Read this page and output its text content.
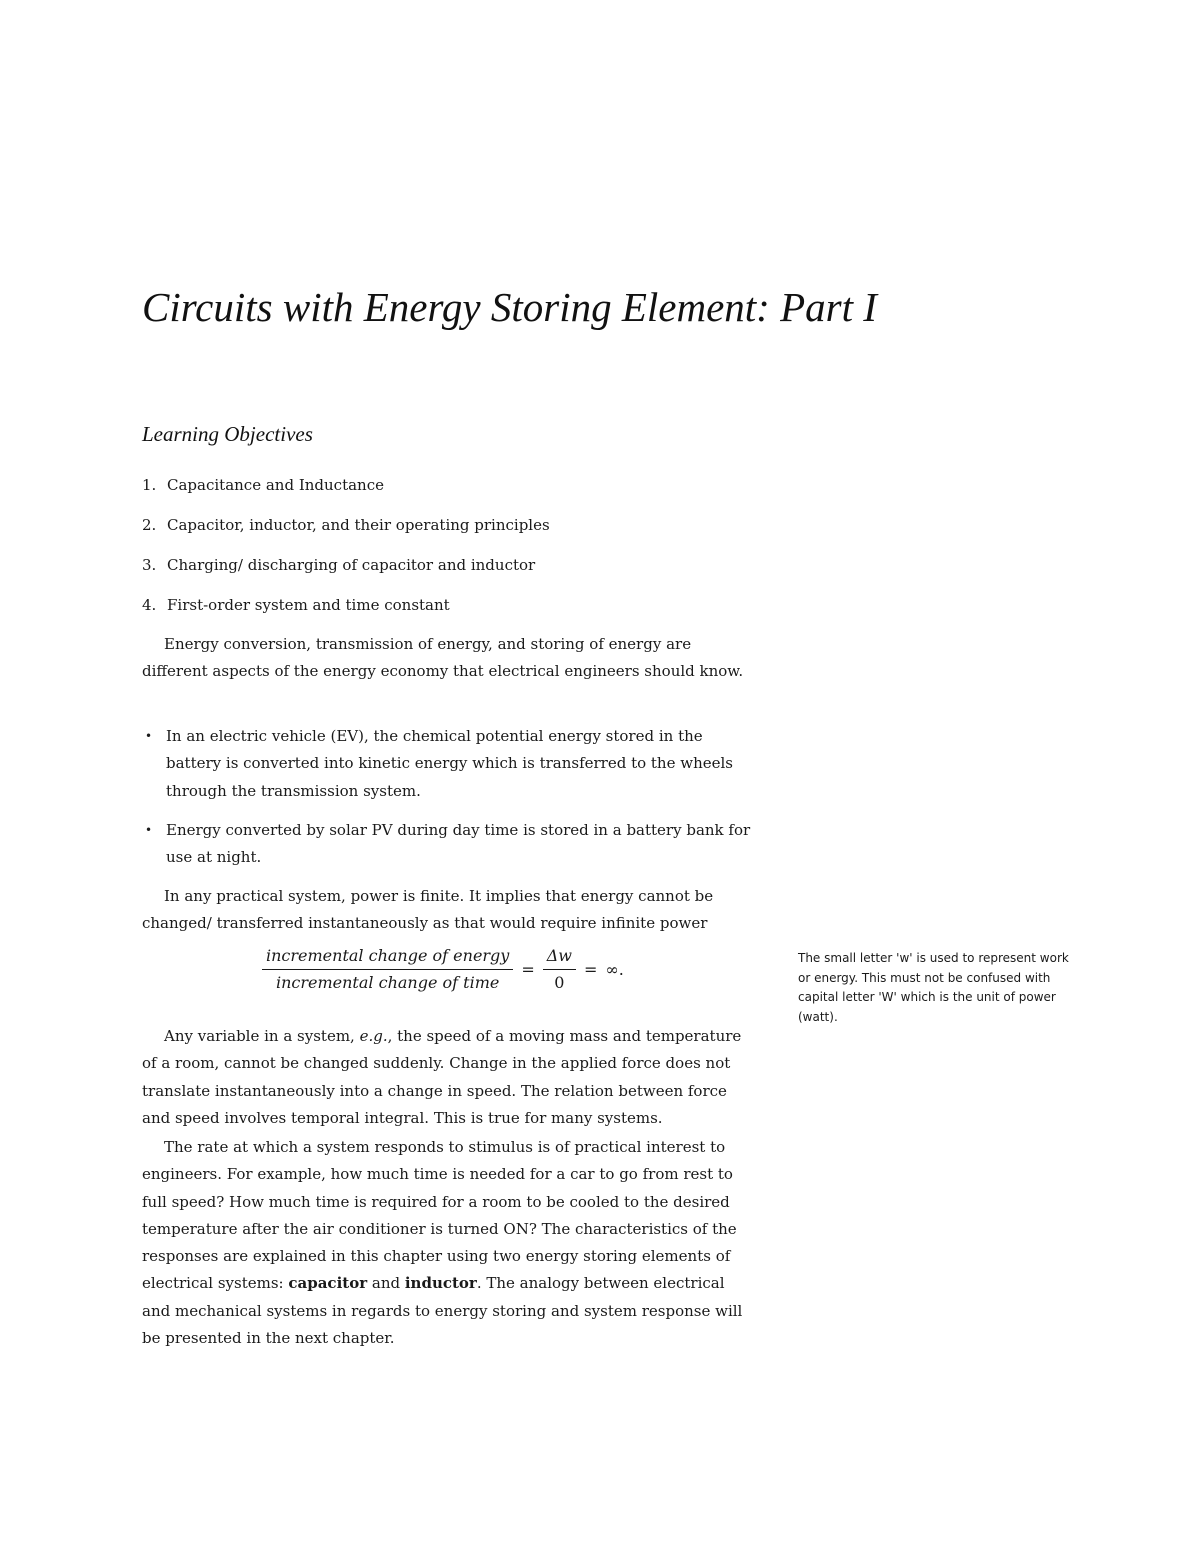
Circuits with Energy Storing Element: Part I
Learning Objectives
1. Capacitance and Inductance
2. Capacitor, inductor, and their operating principles
3. Charging/ discharging of capacitor and inductor
4. First-order system and time constant

Energy conversion, transmission of energy, and storing of energy are different aspects of the energy economy that electrical engineers should know.

• In an electric vehicle (EV), the chemical potential energy stored in the battery is converted into kinetic energy which is transferred to the wheels through the transmission system.
• Energy converted by solar PV during day time is stored in a battery bank for use at night.

In any practical system, power is finite. It implies that energy cannot be changed/ transferred instantaneously as that would require infinite power

$\frac{\text{incremental change of energy}}{\text{incremental change of time}} = \frac{\Delta w}{0}$ = ∞.

The small letter 'w' is used to represent work or energy. This must not be confused with capital letter 'W' which is the unit of power (watt).

Any variable in a system, e.g., the speed of a moving mass and temperature of a room, cannot be changed suddenly. Change in the applied force does not translate instantaneously into a change in speed. The relation between force and speed involves temporal integral. This is true for many systems.

The rate at which a system responds to stimulus is of practical interest to engineers. For example, how much time is needed for a car to go from rest to full speed? How much time is required for a room to be cooled to the desired temperature after the air conditioner is turned ON? The characteristics of the responses are explained in this chapter using two energy storing elements of electrical systems: capacitor and inductor. The analogy between electrical and mechanical systems in regards to energy storing and system response will be presented in the next chapter.
